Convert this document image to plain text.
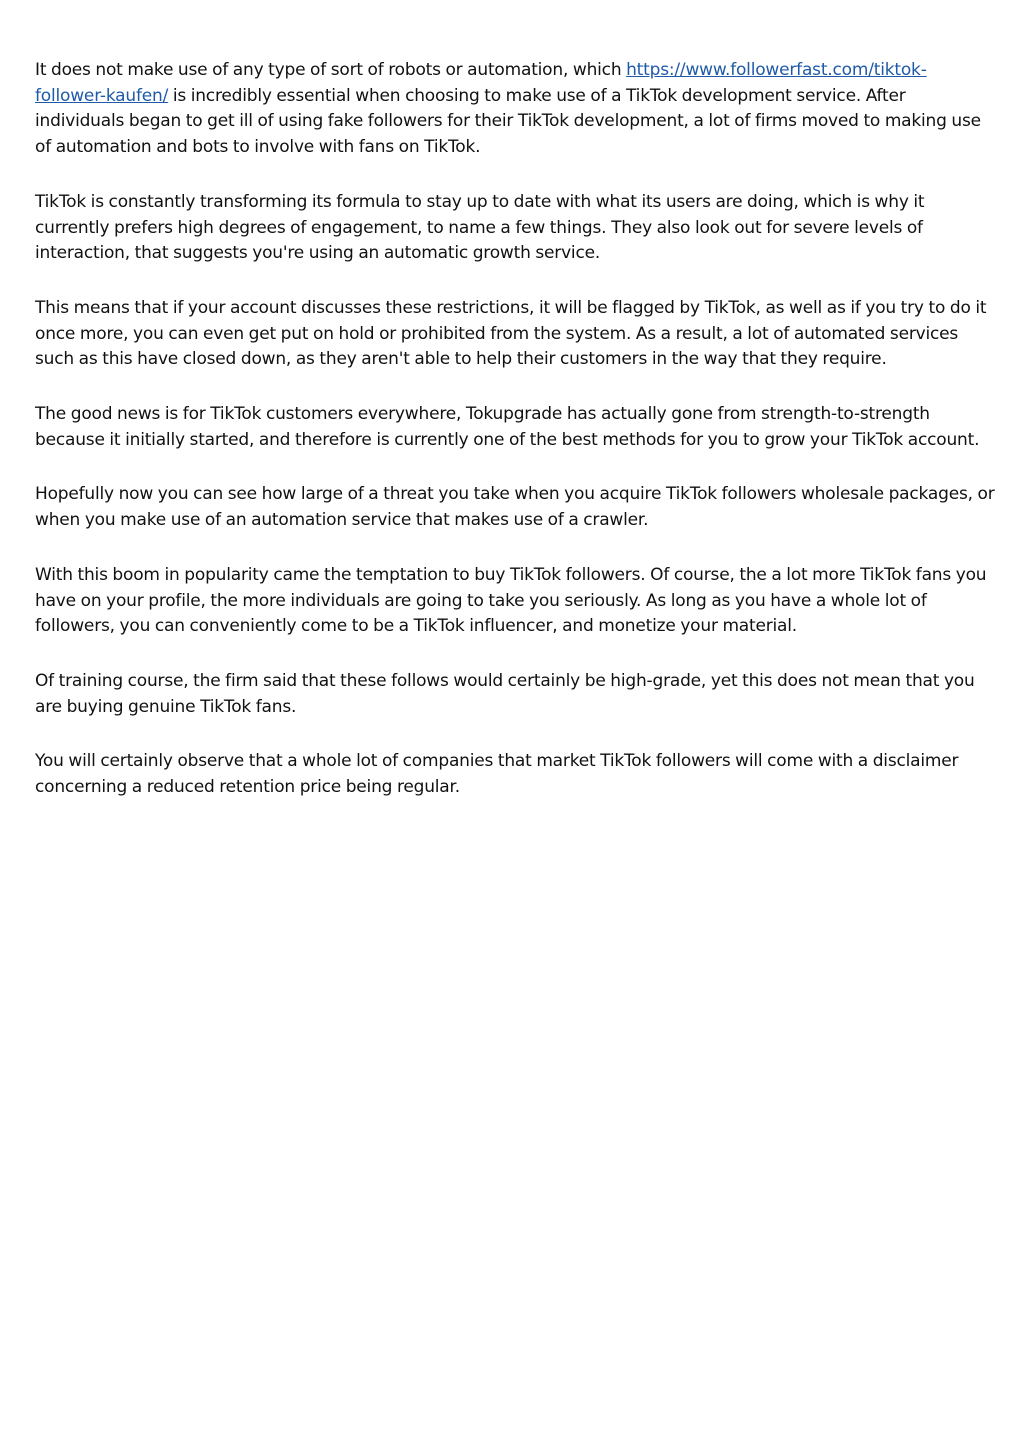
It does not make use of any type of sort of robots or automation, which https://www.followerfast.com/tiktok-follower-kaufen/ is incredibly essential when choosing to make use of a TikTok development service. After individuals began to get ill of using fake followers for their TikTok development, a lot of firms moved to making use of automation and bots to involve with fans on TikTok.

TikTok is constantly transforming its formula to stay up to date with what its users are doing, which is why it currently prefers high degrees of engagement, to name a few things. They also look out for severe levels of interaction, that suggests you're using an automatic growth service.

This means that if your account discusses these restrictions, it will be flagged by TikTok, as well as if you try to do it once more, you can even get put on hold or prohibited from the system. As a result, a lot of automated services such as this have closed down, as they aren't able to help their customers in the way that they require.

The good news is for TikTok customers everywhere, Tokupgrade has actually gone from strength-to-strength because it initially started, and therefore is currently one of the best methods for you to grow your TikTok account.

Hopefully now you can see how large of a threat you take when you acquire TikTok followers wholesale packages, or when you make use of an automation service that makes use of a crawler.

With this boom in popularity came the temptation to buy TikTok followers. Of course, the a lot more TikTok fans you have on your profile, the more individuals are going to take you seriously. As long as you have a whole lot of followers, you can conveniently come to be a TikTok influencer, and monetize your material.

Of training course, the firm said that these follows would certainly be high-grade, yet this does not mean that you are buying genuine TikTok fans.

You will certainly observe that a whole lot of companies that market TikTok followers will come with a disclaimer concerning a reduced retention price being regular.
